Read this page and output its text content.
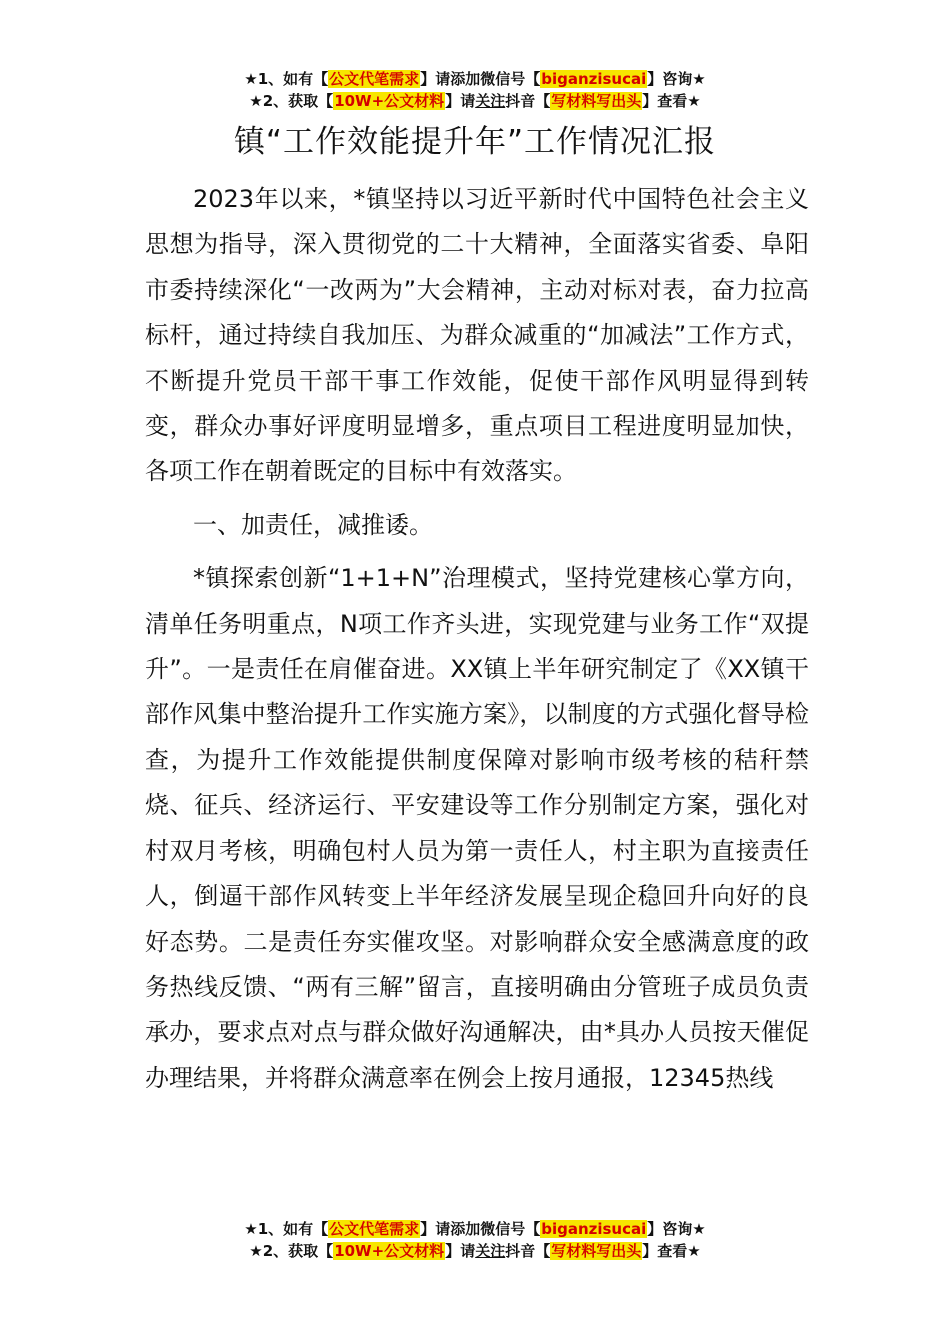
★1、如有【公文代笔需求】请添加微信号【biganzisucai】咨询★
★2、获取【10W+公文材料】请关注抖音【写材料写出头】查看★
镇“工作效能提升年”工作情况汇报

2023年以来，*镇坚持以习近平新时代中国特色社会主义思想为指导，深入贯彻党的二十大精神，全面落实省委、阜阳市委持续深化“一改两为”大会精神，主动对标对表，奋力拉高标杆，通过持续自我加压、为群众减重的“加减法”工作方式，不断提升党员干部干事工作效能，促使干部作风明显得到转变，群众办事好评度明显增多，重点项目工程进度明显加快，各项工作在朝着既定的目标中有效落实。

一、加责任，减推诿。

*镇探索创新“1+1+N”治理模式，坚持党建核心掌方向，清单任务明重点，N项工作齐头进，实现党建与业务工作“双提升”。一是责任在肩催奋进。XX镇上半年研究制定了《XX镇干部作风集中整治提升工作实施方案》，以制度的方式强化督导检查，为提升工作效能提供制度保障对影响市级考核的秸秆禁烧、征兵、经济运行、平安建设等工作分别制定方案，强化对村双月考核，明确包村人员为第一责任人，村主职为直接责任人，倒逼干部作风转变上半年经济发展呈现企稳回升向好的良好态势。二是责任夯实催攻坚。对影响群众安全感满意度的政务热线反馈、“两有三解”留言，直接明确由分管班子成员负责承办，要求点对点与群众做好沟通解决，由*具办人员按天催促办理结果，并将群众满意率在例会上按月通报，12345热线

★1、如有【公文代笔需求】请添加微信号【biganzisucai】咨询★
★2、获取【10W+公文材料】请关注抖音【写材料写出头】查看★
